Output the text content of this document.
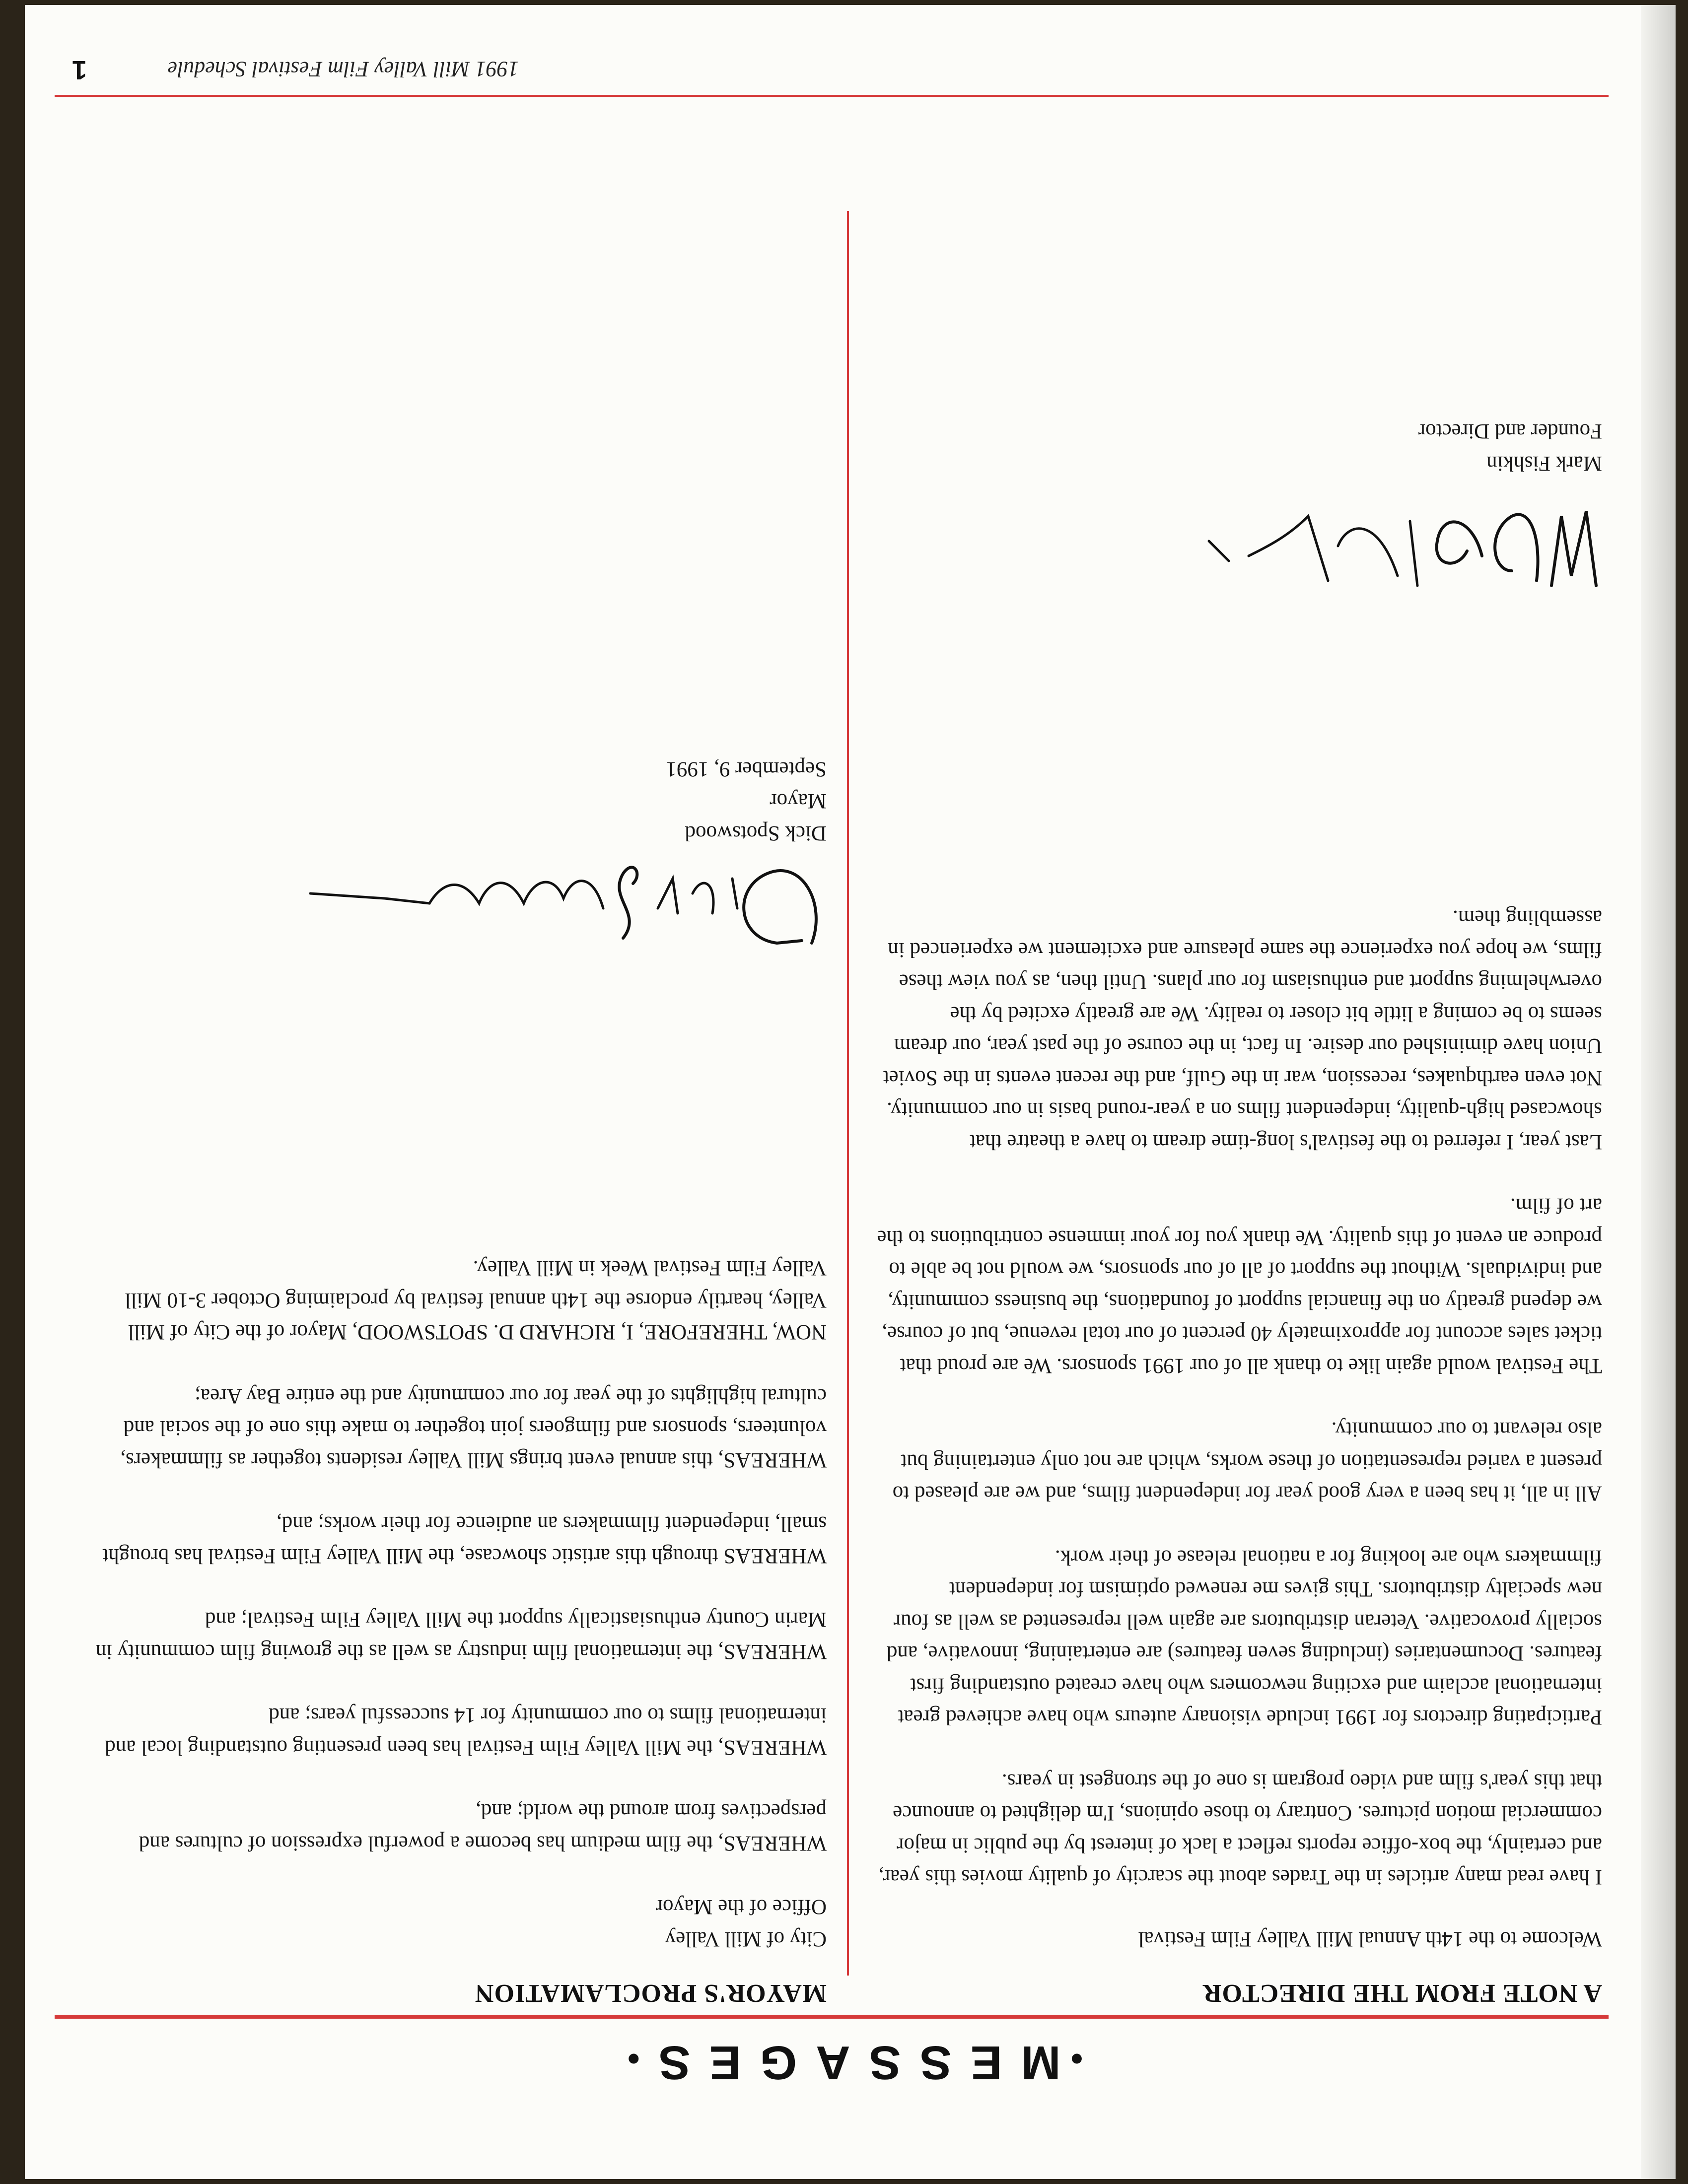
•MESSAGES•
A NOTE FROM THE DIRECTOR

Welcome to the 14th Annual Mill Valley Film Festival

I have read many articles in the Trades about the scarcity of quality movies this year, and certainly, the box-office reports reflect a lack of interest by the public in major commercial motion pictures. Contrary to those opinions, I'm delighted to announce that this year's film and video program is one of the strongest in years.

Participating directors for 1991 include visionary auteurs who have achieved great international acclaim and exciting newcomers who have created outstanding first features. Documentaries (including seven features) are entertaining, innovative, and socially provocative. Veteran distributors are again well represented as well as four new specialty distributors. This gives me renewed optimism for independent filmmakers who are looking for a national release of their work.

All in all, it has been a very good year for independent films, and we are pleased to present a varied representation of these works, which are not only entertaining but also relevant to our community.

The Festival would again like to thank all of our 1991 sponsors. We are proud that ticket sales account for approximately 40 percent of our total revenue, but of course, we depend greatly on the financial support of foundations, the business community, and individuals. Without the support of all of our sponsors, we would not be able to produce an event of this quality. We thank you for your immense contributions to the art of film.

Last year, I referred to the festival's long-time dream to have a theatre that showcased high-quality, independent films on a year-round basis in our community. Not even earthquakes, recession, war in the Gulf, and the recent events in the Soviet Union have diminished our desire. In fact, in the course of the past year, our dream seems to be coming a little bit closer to reality. We are greatly excited by the overwhelming support and enthusiasm for our plans. Until then, as you view these films, we hope you experience the same pleasure and excitement we experienced in assembling them.

Mark Fishkin

Founder and Director

MAYOR'S PROCLAMATION

City of Mill Valley

Office of the Mayor

WHEREAS, the film medium has become a powerful expression of cultures and perspectives from around the world; and,

WHEREAS, the Mill Valley Film Festival has been presenting outstanding local and international films to our community for 14 successful years; and

WHEREAS, the international film industry as well as the growing film community in Marin County enthusiastically support the Mill Valley Film Festival; and

WHEREAS through this artistic showcase, the Mill Valley Film Festival has brought small, independent filmmakers an audience for their works; and,

WHEREAS, this annual event brings Mill Valley residents together as filmmakers, volunteers, sponsors and filmgoers join together to make this one of the social and cultural highlights of the year for our community and the entire Bay Area;

NOW, THEREFORE, I, RICHARD D. SPOTSWOOD, Mayor of the City of Mill Valley, heartily endorse the 14th annual festival by proclaiming October 3-10 Mill Valley Film Festival Week in Mill Valley.

Dick Spotswood

Mayor

September 9, 1991

1991 Mill Valley Film Festival Schedule
1
